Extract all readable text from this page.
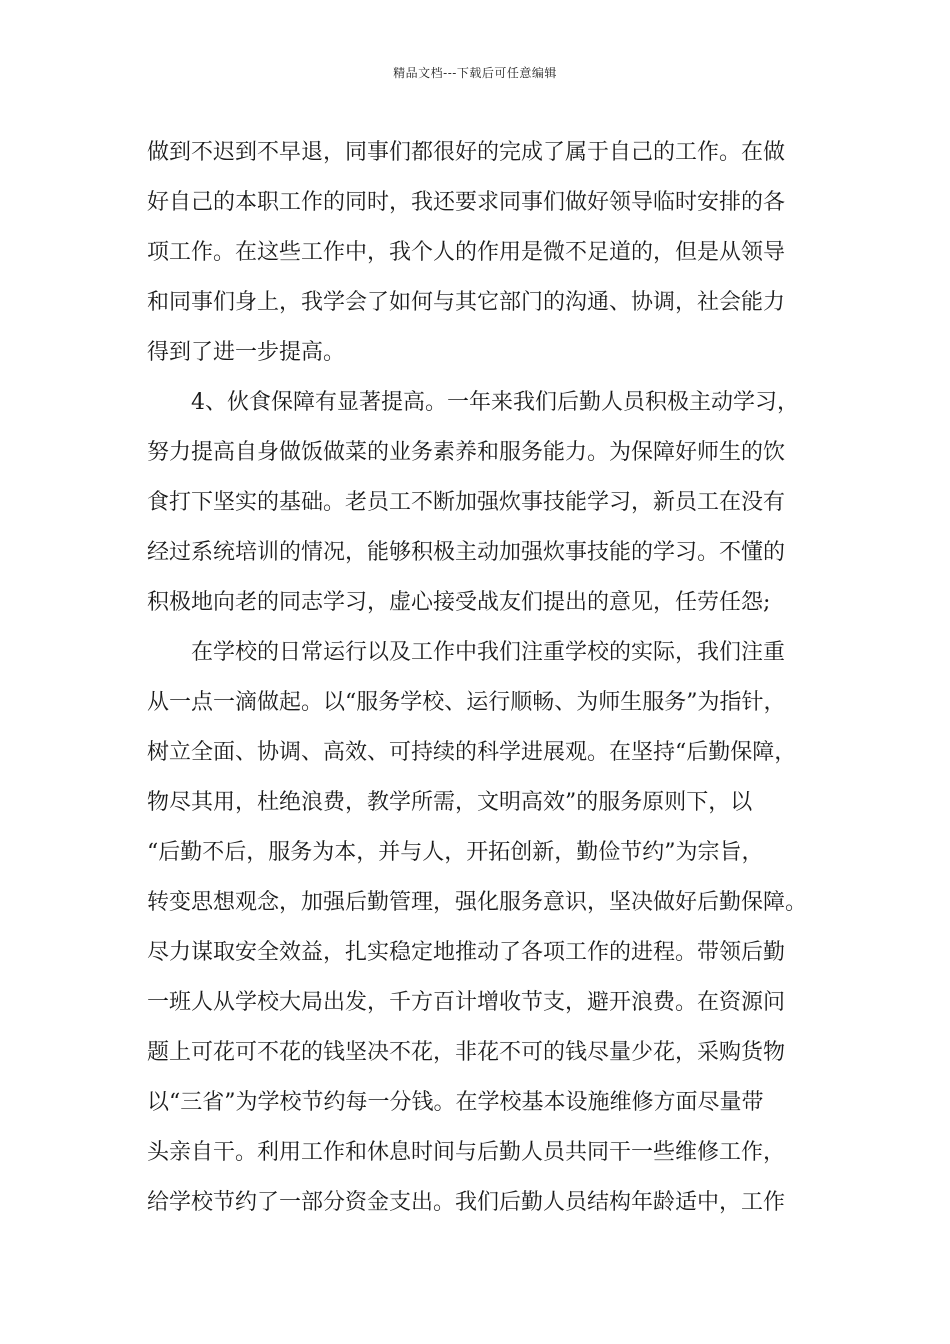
精品文档---下载后可任意编辑
做到不迟到不早退，同事们都很好的完成了属于自己的工作。在做
好自己的本职工作的同时，我还要求同事们做好领导临时安排的各
项工作。在这些工作中，我个人的作用是微不足道的，但是从领导
和同事们身上，我学会了如何与其它部门的沟通、协调，社会能力
得到了进一步提高。
4、伙食保障有显著提高。一年来我们后勤人员积极主动学习，
努力提高自身做饭做菜的业务素养和服务能力。为保障好师生的饮
食打下坚实的基础。老员工不断加强炊事技能学习，新员工在没有
经过系统培训的情况，能够积极主动加强炊事技能的学习。不懂的
积极地向老的同志学习，虚心接受战友们提出的意见，任劳任怨;
在学校的日常运行以及工作中我们注重学校的实际，我们注重
从一点一滴做起。以“服务学校、运行顺畅、为师生服务”为指针，
树立全面、协调、高效、可持续的科学进展观。在坚持“后勤保障，
物尽其用，杜绝浪费，教学所需，文明高效”的服务原则下，以
“后勤不后，服务为本，并与人，开拓创新，勤俭节约”为宗旨，
转变思想观念，加强后勤管理，强化服务意识，坚决做好后勤保障。
尽力谋取安全效益，扎实稳定地推动了各项工作的进程。带领后勤
一班人从学校大局出发，千方百计增收节支，避开浪费。在资源问
题上可花可不花的钱坚决不花，非花不可的钱尽量少花，采购货物
以“三省”为学校节约每一分钱。在学校基本设施维修方面尽量带
头亲自干。利用工作和休息时间与后勤人员共同干一些维修工作，
给学校节约了一部分资金支出。我们后勤人员结构年龄适中，工作
